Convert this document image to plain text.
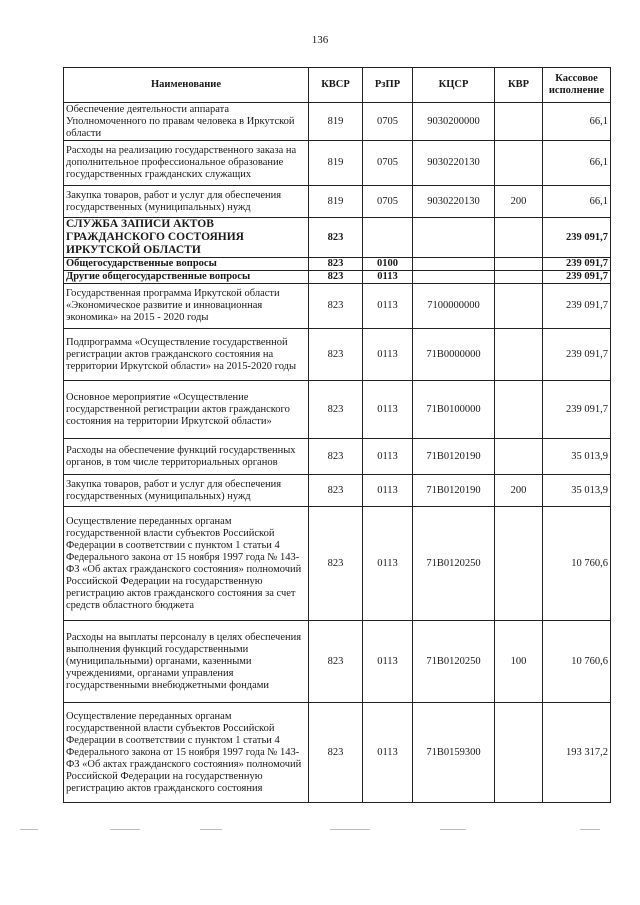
136
Наименование	КВСР	РзПР	КЦСР	КВР	Кассовое исполнение
Обеспечение деятельности аппарата Уполномоченного по правам человека в Иркутской области	819	0705	9030200000		66,1
Расходы на реализацию государственного заказа на дополнительное профессиональное образование государственных гражданских служащих	819	0705	9030220130		66,1
Закупка товаров, работ и услуг для обеспечения государственных (муниципальных) нужд	819	0705	9030220130	200	66,1
СЛУЖБА ЗАПИСИ АКТОВ ГРАЖДАНСКОГО СОСТОЯНИЯ ИРКУТСКОЙ ОБЛАСТИ	823				239 091,7
Общегосударственные вопросы	823	0100			239 091,7
Другие общегосударственные вопросы	823	0113			239 091,7
Государственная программа Иркутской области «Экономическое развитие и инновационная экономика» на 2015 - 2020 годы	823	0113	7100000000		239 091,7
Подпрограмма «Осуществление государственной регистрации актов гражданского состояния на территории Иркутской области» на 2015-2020 годы	823	0113	71В0000000		239 091,7
Основное мероприятие «Осуществление государственной регистрации актов гражданского состояния на территории Иркутской области»	823	0113	71В0100000		239 091,7
Расходы на обеспечение функций государственных органов, в том числе территориальных органов	823	0113	71В0120190		35 013,9
Закупка товаров, работ и услуг для обеспечения государственных (муниципальных) нужд	823	0113	71В0120190	200	35 013,9
Осуществление переданных органам государственной власти субъектов Российской Федерации в соответствии с пунктом 1 статьи 4 Федерального закона от 15 ноября 1997 года № 143-ФЗ «Об актах гражданского состояния» полномочий Российской Федерации на государственную регистрацию актов гражданского состояния за счет средств областного бюджета	823	0113	71В0120250		10 760,6
Расходы на выплаты персоналу в целях обеспечения выполнения функций государственными (муниципальными) органами, казенными учреждениями, органами управления государственными внебюджетными фондами	823	0113	71В0120250	100	10 760,6
Осуществление переданных органам государственной власти субъектов Российской Федерации в соответствии с пунктом 1 статьи 4 Федерального закона от 15 ноября 1997 года № 143-ФЗ «Об актах гражданского состояния» полномочий Российской Федерации на государственную регистрацию актов гражданского состояния	823	0113	71В0159300		193 317,2
